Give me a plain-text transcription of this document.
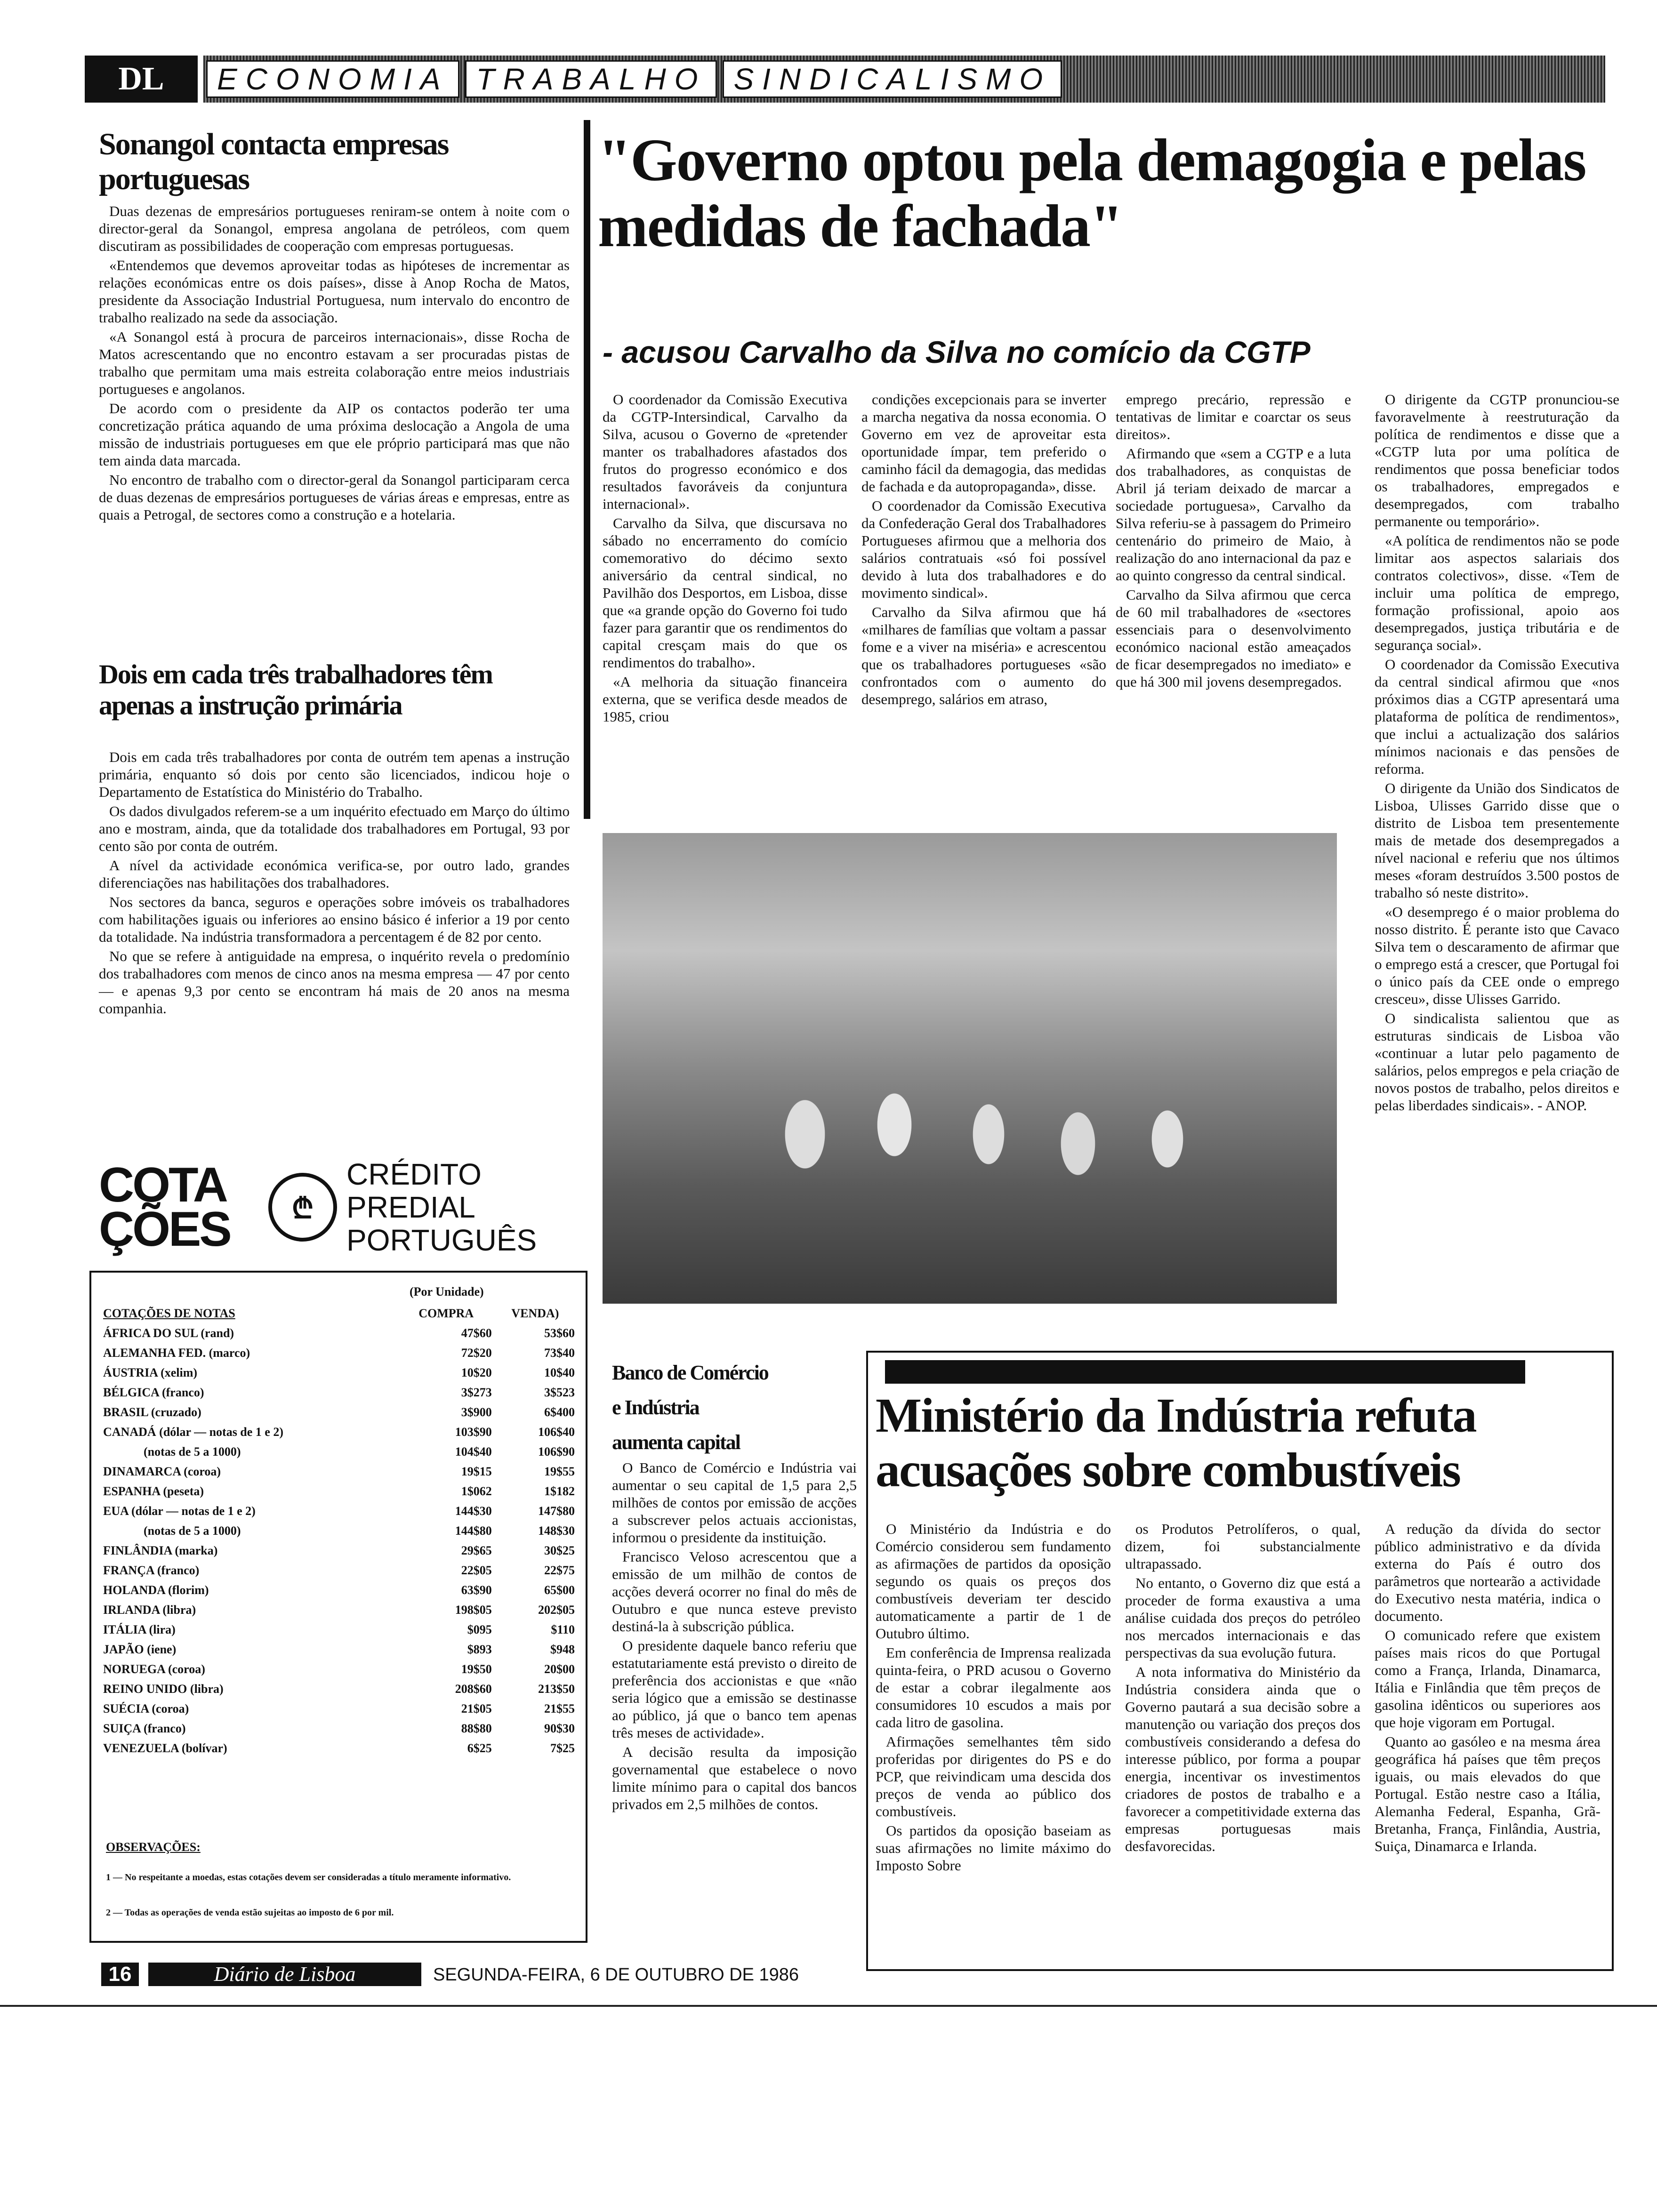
DL	ECONOMIA TRABALHO SINDICALISMO
Sonangol contacta empresas portuguesas

Duas dezenas de empresários portugueses reniram-se ontem à noite com o director-geral da Sonangol, empresa angolana de petróleos, com quem discutiram as possibilidades de cooperação com empresas portuguesas.

«Entendemos que devemos aproveitar todas as hipóteses de incrementar as relações económicas entre os dois países», disse à Anop Rocha de Matos, presidente da Associação Industrial Portuguesa, num intervalo do encontro de trabalho realizado na sede da associação.

«A Sonangol está à procura de parceiros internacionais», disse Rocha de Matos acrescentando que no encontro estavam a ser procuradas pistas de trabalho que permitam uma mais estreita colaboração entre meios industriais portugueses e angolanos.

De acordo com o presidente da AIP os contactos poderão ter uma concretização prática aquando de uma próxima deslocação a Angola de uma missão de industriais portugueses em que ele próprio participará mas que não tem ainda data marcada.

No encontro de trabalho com o director-geral da Sonangol participaram cerca de duas dezenas de empresários portugueses de várias áreas e empresas, entre as quais a Petrogal, de sectores como a construção e a hotelaria.

Dois em cada três trabalhadores têm apenas a instrução primária

Dois em cada três trabalhadores por conta de outrém tem apenas a instrução primária, enquanto só dois por cento são licenciados, indicou hoje o Departamento de Estatística do Ministério do Trabalho.

Os dados divulgados referem-se a um inquérito efectuado em Março do último ano e mostram, ainda, que da totalidade dos trabalhadores em Portugal, 93 por cento são por conta de outrém.

A nível da actividade económica verifica-se, por outro lado, grandes diferenciações nas habilitações dos trabalhadores.

Nos sectores da banca, seguros e operações sobre imóveis os trabalhadores com habilitações iguais ou inferiores ao ensino básico é inferior a 19 por cento da totalidade. Na indústria transformadora a percentagem é de 82 por cento.

No que se refere à antiguidade na empresa, o inquérito revela o predomínio dos trabalhadores com menos de cinco anos na mesma empresa — 47 por cento — e apenas 9,3 por cento se encontram há mais de 20 anos na mesma companhia.

"Governo optou pela demagogia e pelas medidas de fachada"
- acusou Carvalho da Silva no comício da CGTP

O coordenador da Comissão Executiva da CGTP-Intersindical, Carvalho da Silva, acusou o Governo de «pretender manter os trabalhadores afastados dos frutos do progresso económico e dos resultados favoráveis da conjuntura internacional».

Carvalho da Silva, que discursava no sábado no encerramento do comício comemorativo do décimo sexto aniversário da central sindical, no Pavilhão dos Desportos, em Lisboa, disse que «a grande opção do Governo foi tudo fazer para garantir que os rendimentos do capital cresçam mais do que os rendimentos do trabalho».

«A melhoria da situação financeira externa, que se verifica desde meados de 1985, criou

condições excepcionais para se inverter a marcha negativa da nossa economia. O Governo em vez de aproveitar esta oportunidade ímpar, tem preferido o caminho fácil da demagogia, das medidas de fachada e da autopropaganda», disse.

O coordenador da Comissão Executiva da Confederação Geral dos Trabalhadores Portugueses afirmou que a melhoria dos salários contratuais «só foi possível devido à luta dos trabalhadores e do movimento sindical».

Carvalho da Silva afirmou que há «milhares de famílias que voltam a passar fome e a viver na miséria» e acrescentou que os trabalhadores portugueses «são confrontados com o aumento do desemprego, salários em atraso,

emprego precário, repressão e tentativas de limitar e coarctar os seus direitos».

Afirmando que «sem a CGTP e a luta dos trabalhadores, as conquistas de Abril já teriam deixado de marcar a sociedade portuguesa», Carvalho da Silva referiu-se à passagem do Primeiro centenário do primeiro de Maio, à realização do ano internacional da paz e ao quinto congresso da central sindical.

Carvalho da Silva afirmou que cerca de 60 mil trabalhadores de «sectores essenciais para o desenvolvimento económico nacional estão ameaçados de ficar desempregados no imediato» e que há 300 mil jovens desempregados.

O dirigente da CGTP pronunciou-se favoravelmente à reestruturação da política de rendimentos e disse que a «CGTP luta por uma política de rendimentos que possa beneficiar todos os trabalhadores, empregados e desempregados, com trabalho permanente ou temporário».

«A política de rendimentos não se pode limitar aos aspectos salariais dos contratos colectivos», disse. «Tem de incluir uma política de emprego, formação profissional, apoio aos desempregados, justiça tributária e de segurança social».

O coordenador da Comissão Executiva da central sindical afirmou que «nos próximos dias a CGTP apresentará uma plataforma de política de rendimentos», que inclui a actualização dos salários mínimos nacionais e das pensões de reforma.

O dirigente da União dos Sindicatos de Lisboa, Ulisses Garrido disse que o distrito de Lisboa tem presentemente mais de metade dos desempregados a nível nacional e referiu que nos últimos meses «foram destruídos 3.500 postos de trabalho só neste distrito».

«O desemprego é o maior problema do nosso distrito. É perante isto que Cavaco Silva tem o descaramento de afirmar que o emprego está a crescer, que Portugal foi o único país da CEE onde o emprego cresceu», disse Ulisses Garrido.

O sindicalista salientou que as estruturas sindicais de Lisboa vão «continuar a lutar pelo pagamento de salários, pelos empregos e pela criação de novos postos de trabalho, pelos direitos e pelas liberdades sindicais». - ANOP.

COTAÇÕES	₾
CRÉDITO PREDIAL PORTUGUÊS
(Por Unidade)
COTAÇÕES DE NOTAS	COMPRA	VENDA)
ÁFRICA DO SUL (rand)	47$60	53$60
ALEMANHA FED. (marco)	72$20	73$40
ÁUSTRIA (xelim)	10$20	10$40
BÉLGICA (franco)	3$273	3$523
BRASIL (cruzado)	3$900	6$400
CANADÁ (dólar — notas de 1 e 2)	103$90	106$40
(notas de 5 a 1000)	104$40	106$90
DINAMARCA (coroa)	19$15	19$55
ESPANHA (peseta)	1$062	1$182
EUA (dólar — notas de 1 e 2)	144$30	147$80
(notas de 5 a 1000)	144$80	148$30
FINLÂNDIA (marka)	29$65	30$25
FRANÇA (franco)	22$05	22$75
HOLANDA (florim)	63$90	65$00
IRLANDA (libra)	198$05	202$05
ITÁLIA (lira)	$095	$110
JAPÃO (iene)	$893	$948
NORUEGA (coroa)	19$50	20$00
REINO UNIDO (libra)	208$60	213$50
SUÉCIA (coroa)	21$05	21$55
SUIÇA (franco)	88$80	90$30
VENEZUELA (bolívar)	6$25	7$25
OBSERVAÇÕES:
1 — No respeitante a moedas, estas cotações devem ser consideradas a título meramente informativo.
2 — Todas as operações de venda estão sujeitas ao imposto de 6 por mil.
Banco de Comércio e Indústria aumenta capital

O Banco de Comércio e Indústria vai aumentar o seu capital de 1,5 para 2,5 milhões de contos por emissão de acções a subscrever pelos actuais accionistas, informou o presidente da instituição.

Francisco Veloso acrescentou que a emissão de um milhão de contos de acções deverá ocorrer no final do mês de Outubro e que nunca esteve previsto destiná-la à subscrição pública.

O presidente daquele banco referiu que estatutariamente está previsto o direito de preferência dos accionistas e que «não seria lógico que a emissão se destinasse ao público, já que o banco tem apenas três meses de actividade».

A decisão resulta da imposição governamental que estabelece o novo limite mínimo para o capital dos bancos privados em 2,5 milhões de contos.

Ministério da Indústria refuta acusações sobre combustíveis

O Ministério da Indústria e do Comércio considerou sem fundamento as afirmações de partidos da oposição segundo os quais os preços dos combustíveis deveriam ter descido automaticamente a partir de 1 de Outubro último.

Em conferência de Imprensa realizada quinta-feira, o PRD acusou o Governo de estar a cobrar ilegalmente aos consumidores 10 escudos a mais por cada litro de gasolina.

Afirmações semelhantes têm sido proferidas por dirigentes do PS e do PCP, que reivindicam uma descida dos preços de venda ao público dos combustíveis.

Os partidos da oposição baseiam as suas afirmações no limite máximo do Imposto Sobre

os Produtos Petrolíferos, o qual, dizem, foi substancialmente ultrapassado.

No entanto, o Governo diz que está a proceder de forma exaustiva a uma análise cuidada dos preços do petróleo nos mercados internacionais e das perspectivas da sua evolução futura.

A nota informativa do Ministério da Indústria considera ainda que o Governo pautará a sua decisão sobre a manutenção ou variação dos preços dos combustíveis considerando a defesa do interesse público, por forma a poupar energia, incentivar os investimentos criadores de postos de trabalho e a favorecer a competitividade externa das empresas portuguesas mais desfavorecidas.

A redução da dívida do sector público administrativo e da dívida externa do País é outro dos parâmetros que nortearão a actividade do Executivo nesta matéria, indica o documento.

O comunicado refere que existem países mais ricos do que Portugal como a França, Irlanda, Dinamarca, Itália e Finlândia que têm preços de gasolina idênticos ou superiores aos que hoje vigoram em Portugal.

Quanto ao gasóleo e na mesma área geográfica há países que têm preços iguais, ou mais elevados do que Portugal. Estão nestre caso a Itália, Alemanha Federal, Espanha, Grã-Bretanha, França, Finlândia, Austria, Suiça, Dinamarca e Irlanda.

16	Diário de Lisboa	SEGUNDA-FEIRA, 6 DE OUTUBRO DE 1986
